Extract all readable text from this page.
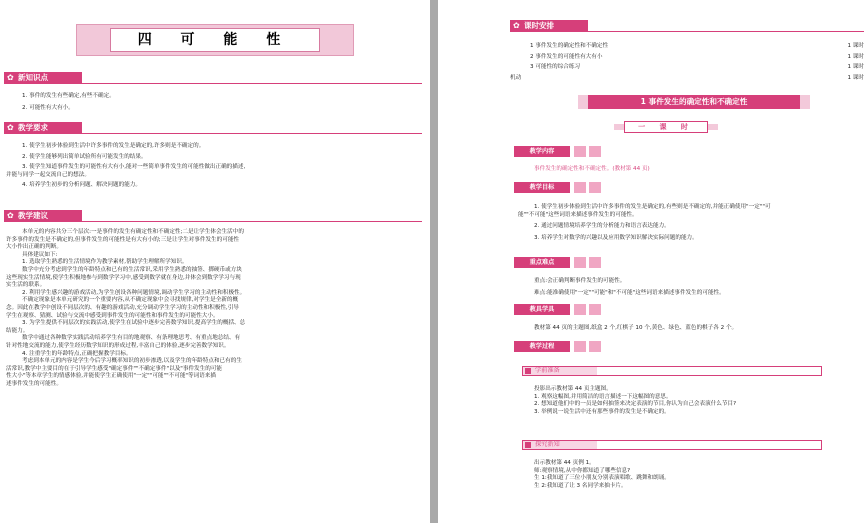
四 可 能 性
✿ 新知识点
1. 事件的发生有些确定,有些不确定。
2. 可能性有大有小。
✿ 教学要求
1. 使学生初步体验到生活中许多事件的发生是确定的,许多则是不确定的。
2. 使学生能够列出简单试验所有可能发生的结果。
3. 使学生知道事件发生的可能性有大有小,能对一些简单事件发生的可能性做出正确的描述,
并能与同学一起交流自己的想法。
4. 培养学生初步的分析问题、解决问题的能力。
✿ 教学建议
本单元的内容共分三个层次:一是事件的发生有确定性和不确定性;二是让学生体会生活中的
许多事件的发生是不确定的,但事件发生的可能性是有大有小的;三是让学生对事件发生的可能性
大小作出正确的判断。
具体建议如下:
1. 选取学生熟悉的生活情境作为教学素材,帮助学生理解所学知识。
数学中充分考虑到学生的年龄特点和已有的生活常识,采用学生熟悉的抽签、掷硬币或方块
这些现实生活情境,使学生积极地参与到数学学习中,感受到数学就在身边,并体会到数学学习与现
实生活的联系。
2. 利用学生感兴趣的游戏活动,为学生创设各种问题情境,调动学生学习的主动性和积极性。
不确定现象是本单元研究的一个重要内容,从不确定现象中会寻找规律,对学生是全新的概
念。因此在教学中创设不同层次的、有趣的游戏活动,充分调动学生学习的主动性和积极性,引导
学生在观察、猜测、试验与交流中感受到事件发生的可能性和事件发生的可能性大小。
3. 为学生提供不同层次的实践活动,使学生在试验中逐步完善数学知识,提高学生的概括、总
结能力。
数学中通过各种数学实践活动培养学生有目的地观察、有条理地思考、有重点地总结、有
针对性地交流的能力,使学生经历数学知识的形成过程,丰富自己的体验,逐步完善数学知识。
4. 注重学生的年龄特点,正确把握教学目标。
考虑到本单元的内容是学生今后学习概率知识的初步渗透,以及学生的年龄特点和已有的生
活常识,教学中主要目的在于引导学生感受"确定事件""不确定事件"以及"事件发生的可能
性大小"等本章学生的情感体验,并能使学生正确使用"一定""可能""不可能"等词语来描
述事件发生的可能性。
✿ 课时安排
1 事件发生的确定性和不确定性	1 课时
2 事件发生的可能性有大有小	1 课时
3 可能性的综合练习	1 课时
机动	1 课时
1 事件发生的确定性和不确定性
一 课 时
教学内容
事件发生的确定性和不确定性。(教材第 44 页)
教学目标
1. 使学生初步体验到生活中许多事件的发生是确定的,有些则是不确定的,并能正确使用"一定""可
能""不可能"这些词语来描述事件发生的可能性。
2. 通过问题情境培养学生的分析能力和语言表达能力。
3. 培养学生对数学的兴趣以及应用数学知识解决实际问题的能力。
重点难点
重点:会正确判断事件发生的可能性。
难点:能准确使用"一定""可能"和"不可能"这些词语来描述事件发生的可能性。
教具学具
教材第 44 页的主题图,纸盒 2 个,红棋子 10 个,黄色、绿色、蓝色的棋子各 2 个。
教学过程
学前准备
投影出示教材第 44 页主题图。
1. 观察这幅图,并用简洁的语言描述一下这幅图的意思。
2. 想知道他们中的一员是如何抽签来决定表演的节目,你认为自己会表演什么节目?
3. 举例说一说生活中还有那些事件的发生是不确定的。
探究新知
出示教材第 44 页例 1。
师:观察情境,从中你都知道了哪些信息?
生 1:我知道了三位小朋友分别表演唱歌、跳舞和朗诵。
生 2:我知道了让 3 名同学来抽卡片。
